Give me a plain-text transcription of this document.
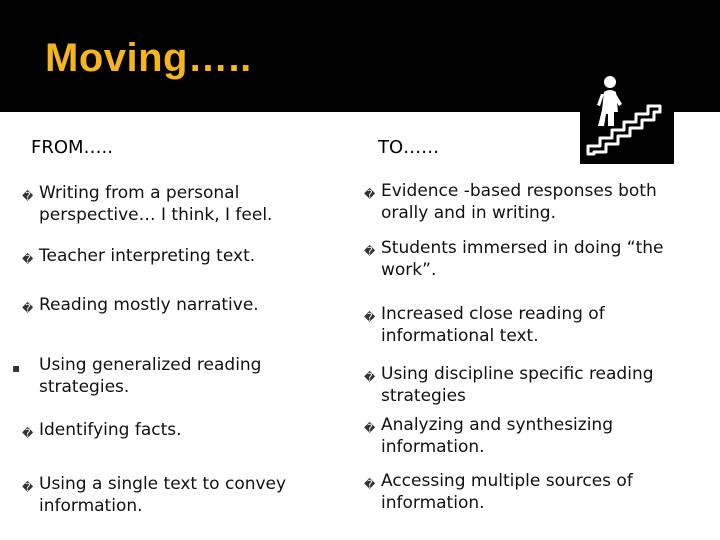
Moving…..
FROM…..	TO……
� Writing from a personal
perspective… I think, I feel.
� Teacher interpreting text.
� Reading mostly narrative.
▪ Using generalized reading
strategies.
� Identifying facts.
� Using a single text to convey
information.
� Evidence -based responses both
orally and in writing.
� Students immersed in doing “the
work”.
� Increased close reading of
informational text.
� Using discipline specific reading
strategies
� Analyzing and synthesizing
information.
� Accessing multiple sources of
information.
